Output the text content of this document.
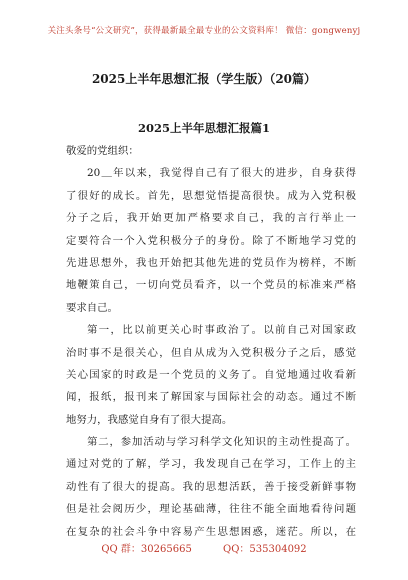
关注头条号“公文研究”，获得最新最全最专业的公文资料库！ 微信：gongwenyj
2025上半年思想汇报（学生版）（20篇）
2025上半年思想汇报篇1
敬爱的党组织：
20＿年以来，我觉得自己有了很大的进步，自身获得
了很好的成长。首先，思想觉悟提高很快。成为入党积极
分子之后，我开始更加严格要求自己，我的言行举止一
定要符合一个入党积极分子的身份。除了不断地学习党的
先进思想外，我也开始把其他先进的党员作为榜样，不断
地鞭策自己，一切向党员看齐，以一个党员的标准来严格
要求自己。
第一，比以前更关心时事政治了。以前自己对国家政
治时事不是很关心，但自从成为入党积极分子之后，感觉
关心国家的时政是一个党员的义务了。自觉地通过收看新
闻，报纸，报刊来了解国家与国际社会的动态。通过不断
地努力，我感觉自身有了很大提高。
第二，参加活动与学习科学文化知识的主动性提高了。
通过对党的了解，学习，我发现自己在学习，工作上的主
动性有了很大的提高。我的思想活跃，善于接受新鲜事物
但是社会阅历少，理论基础薄，往往不能全面地看待问题
在复杂的社会斗争中容易产生思想困惑，迷茫。所以，在
QQ 群：30265665	QQ：535304092
